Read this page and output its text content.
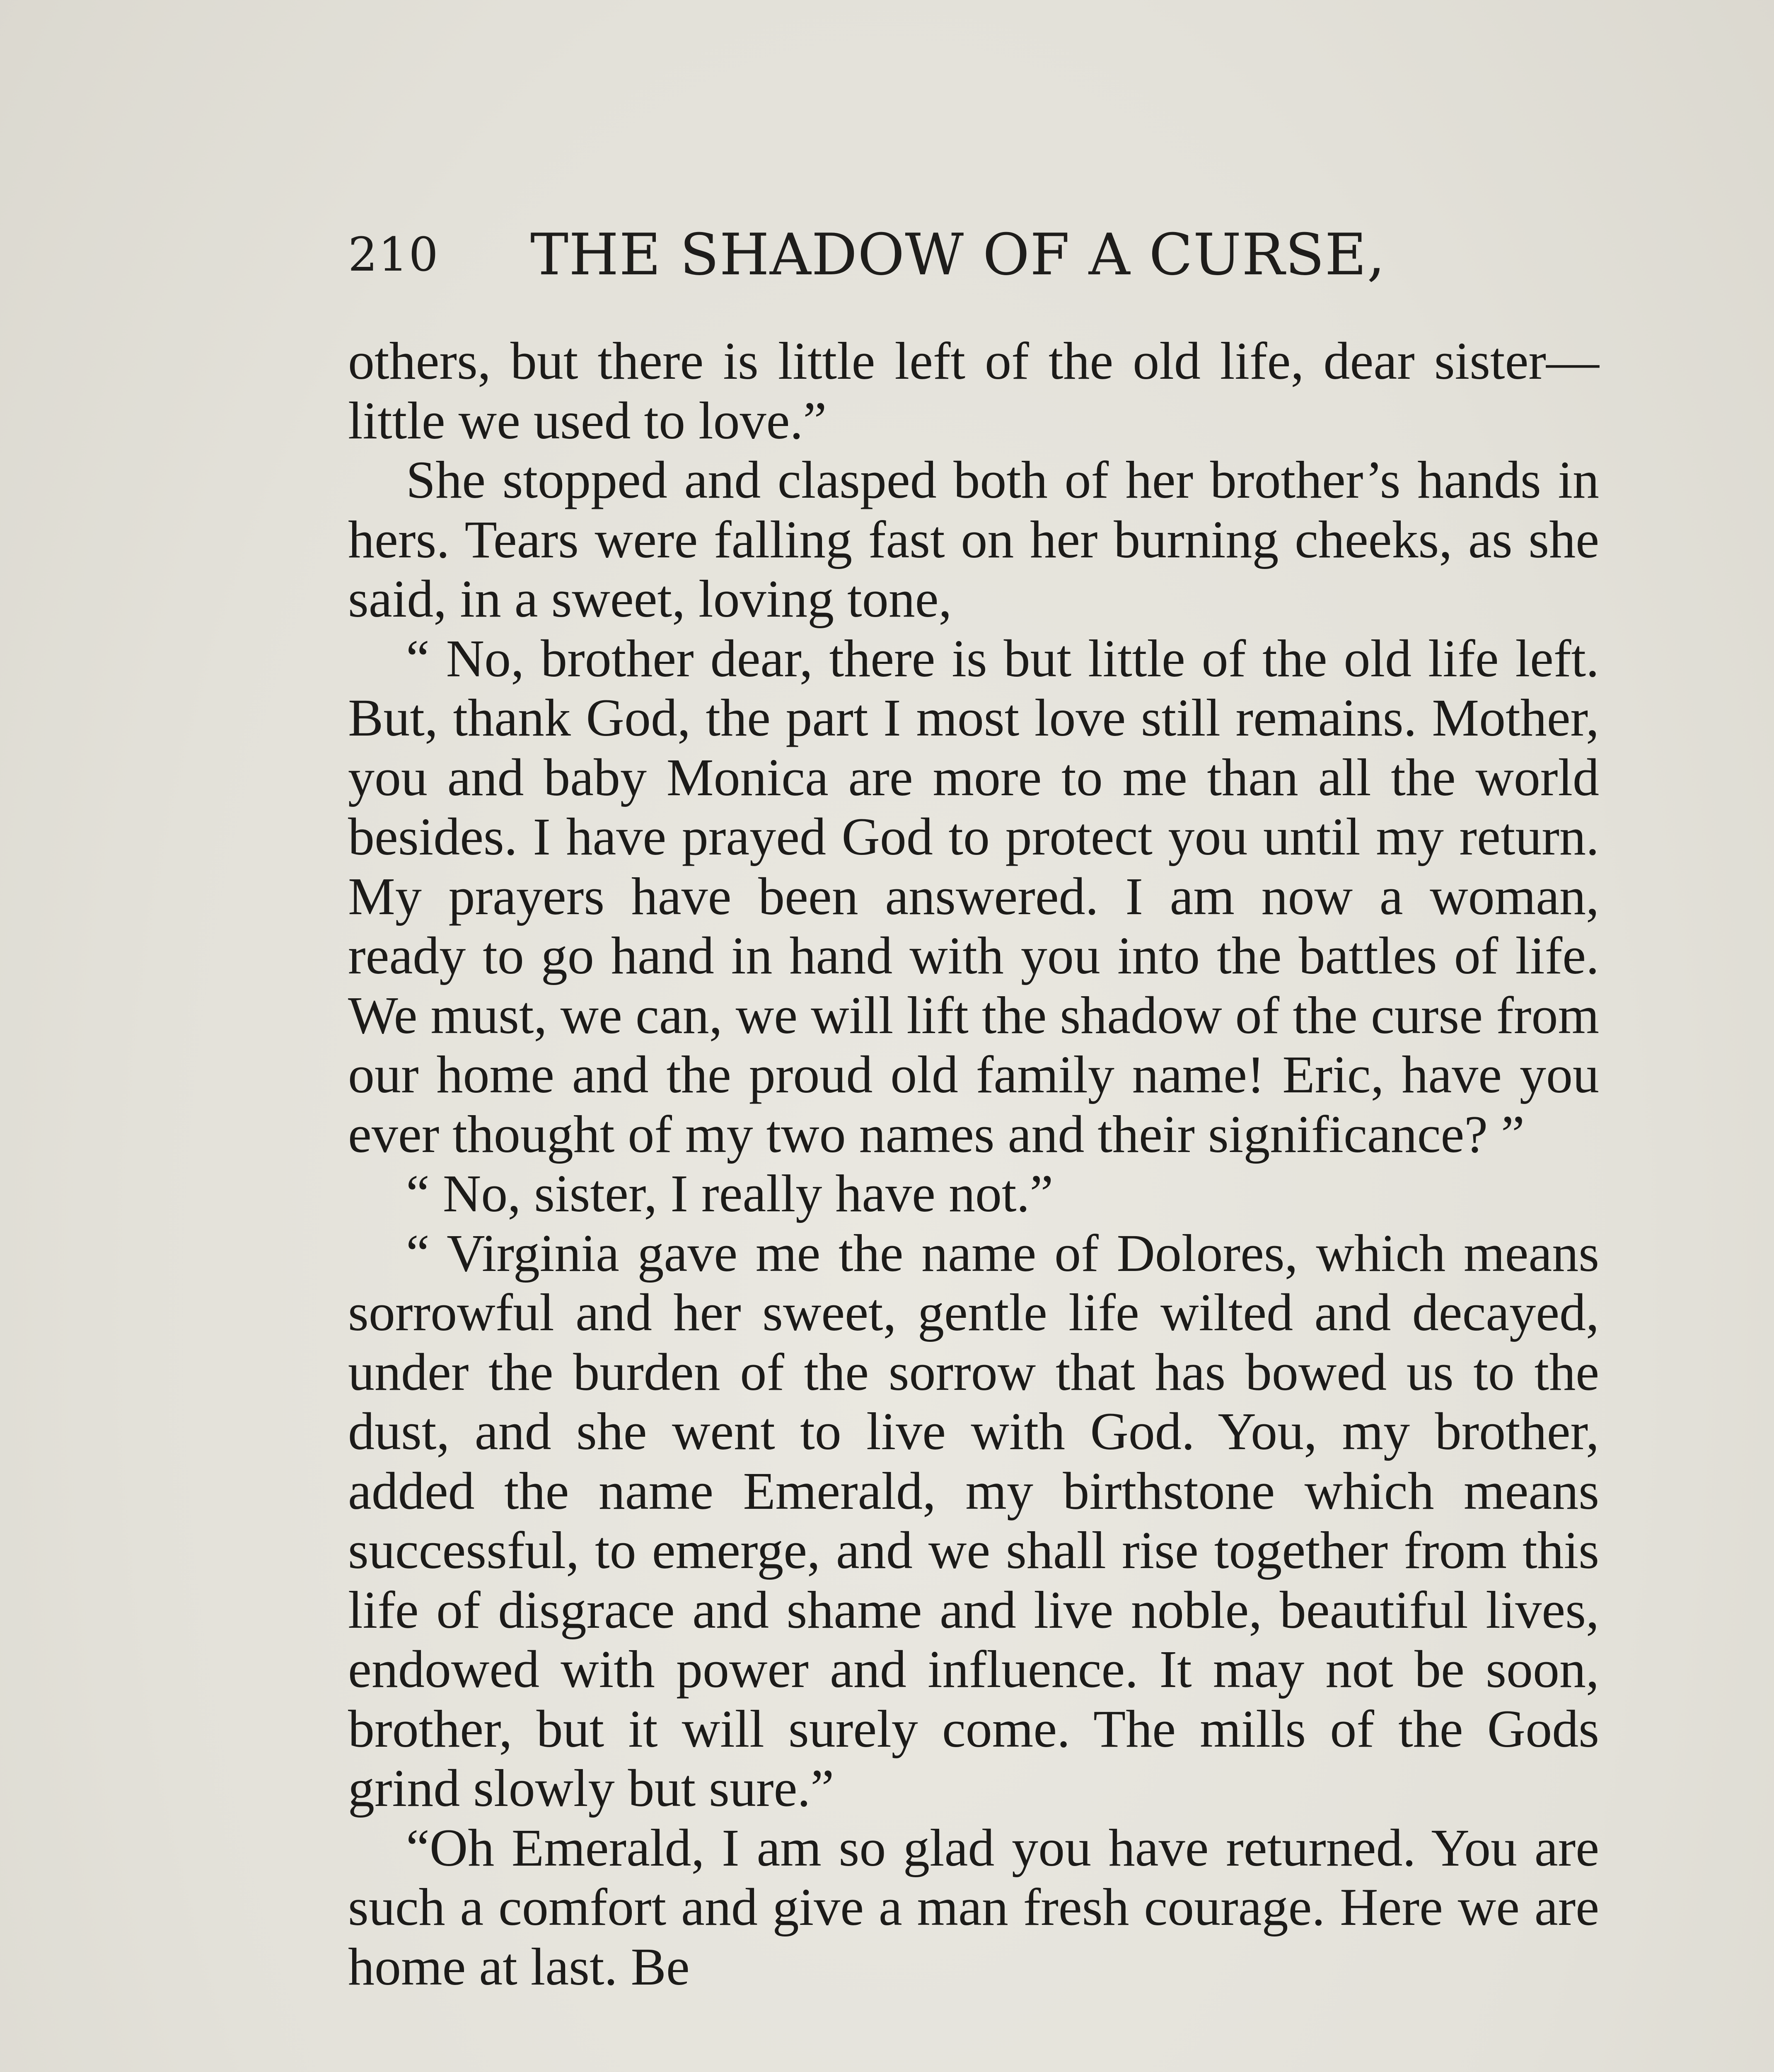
210 THE SHADOW OF A CURSE,

others, but there is little left of the old life, dear sister—little we used to love.”

She stopped and clasped both of her brother’s hands in hers. Tears were falling fast on her burning cheeks, as she said, in a sweet, loving tone,

“ No, brother dear, there is but little of the old life left. But, thank God, the part I most love still remains. Mother, you and baby Monica are more to me than all the world besides. I have prayed God to protect you until my return. My prayers have been answered. I am now a woman, ready to go hand in hand with you into the battles of life. We must, we can, we will lift the shadow of the curse from our home and the proud old family name! Eric, have you ever thought of my two names and their significance? ”

“ No, sister, I really have not.”

“ Virginia gave me the name of Dolores, which means sorrowful and her sweet, gentle life wilted and decayed, under the burden of the sorrow that has bowed us to the dust, and she went to live with God. You, my brother, added the name Emerald, my birthstone which means successful, to emerge, and we shall rise together from this life of disgrace and shame and live noble, beautiful lives, endowed with power and influence. It may not be soon, brother, but it will surely come. The mills of the Gods grind slowly but sure.”

“Oh Emerald, I am so glad you have returned. You are such a comfort and give a man fresh courage. Here we are home at last. Be
